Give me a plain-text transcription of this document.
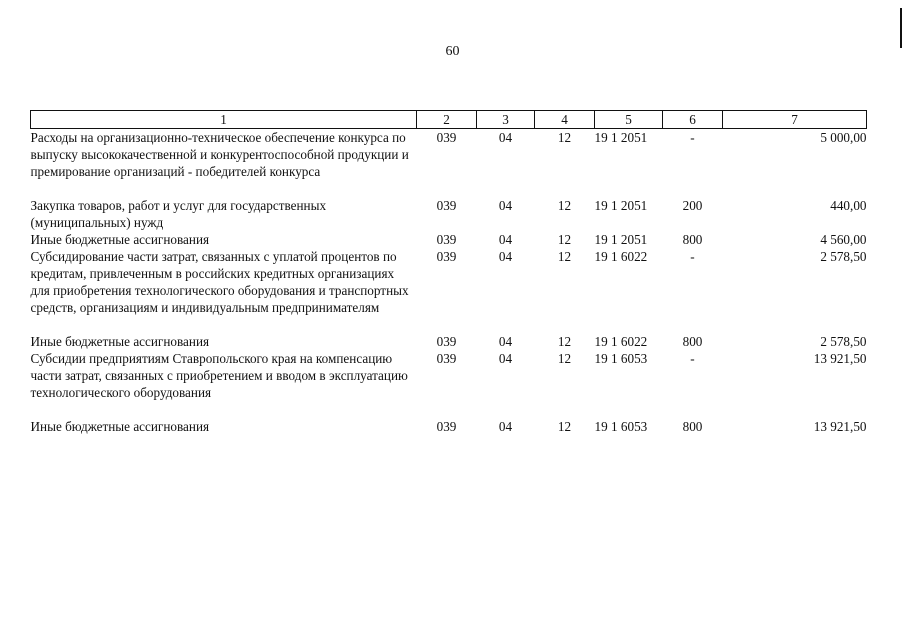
60
1	2	3	4	5	6	7
Расходы на организационно-техническое обеспечение конкурса по выпуску высококачественной и конкурентоспособной продукции и премирование организаций - победителей конкурса	039	04	12	19 1 2051	-	5 000,00
Закупка товаров, работ и услуг для государственных (муниципальных) нужд	039	04	12	19 1 2051	200	440,00
Иные бюджетные ассигнования	039	04	12	19 1 2051	800	4 560,00
Субсидирование части затрат, связанных с уплатой процентов по кредитам, привлеченным в российских кредитных организациях для приобретения технологического оборудования и транспортных средств, организациям и индивидуальным предпринимателям	039	04	12	19 1 6022	-	2 578,50
Иные бюджетные ассигнования	039	04	12	19 1 6022	800	2 578,50
Субсидии предприятиям Ставропольского края на компенсацию части затрат, связанных с приобретением и вводом в эксплуатацию технологического оборудования	039	04	12	19 1 6053	-	13 921,50
Иные бюджетные ассигнования	039	04	12	19 1 6053	800	13 921,50
